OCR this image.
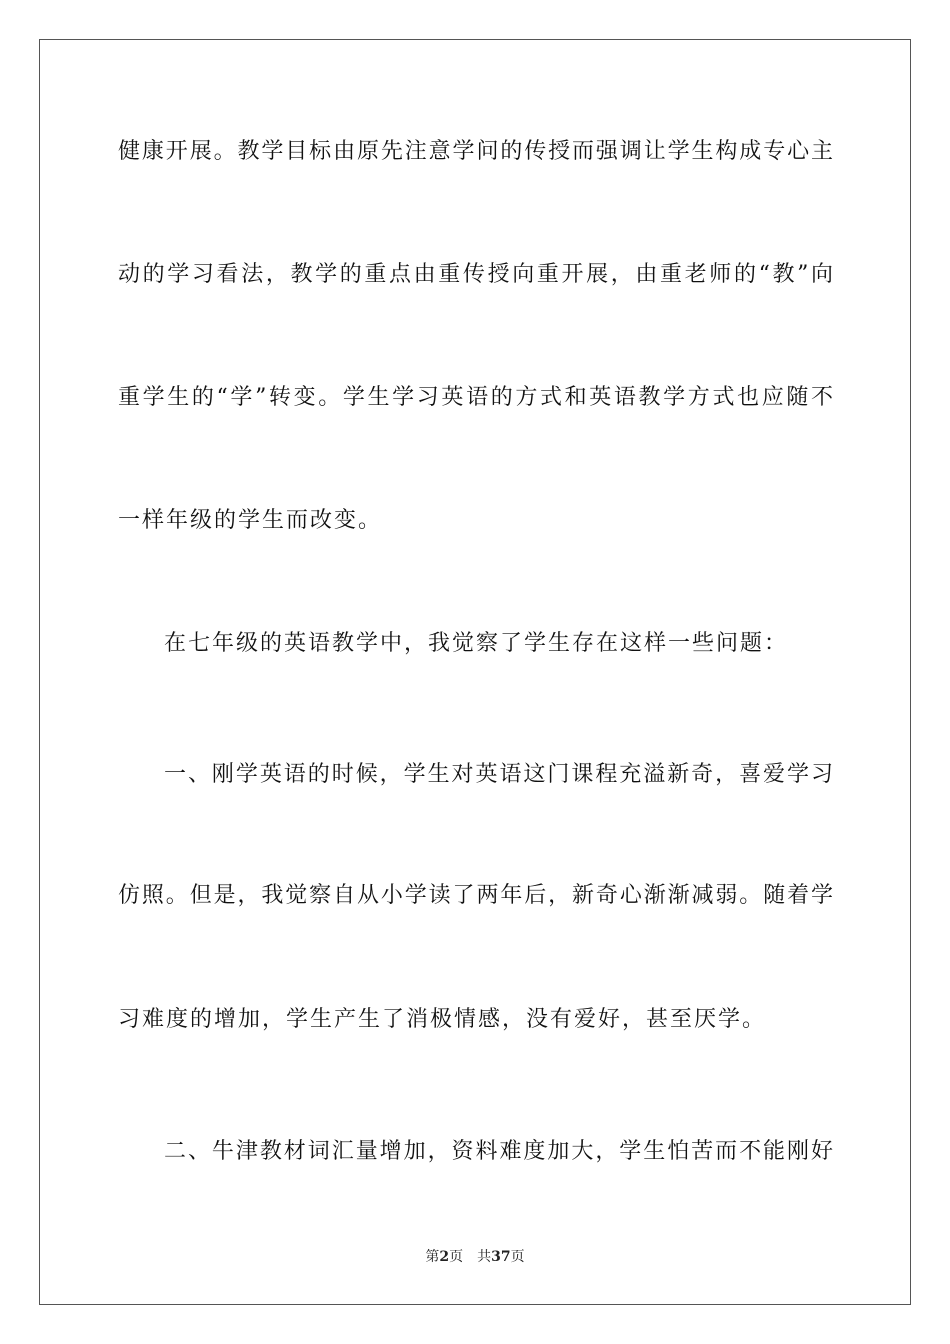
健康开展。教学目标由原先注意学问的传授而强调让学生构成专心主
动的学习看法，教学的重点由重传授向重开展，由重老师的“教”向
重学生的“学”转变。学生学习英语的方式和英语教学方式也应随不
一样年级的学生而改变。
在七年级的英语教学中，我觉察了学生存在这样一些问题：
一、刚学英语的时候，学生对英语这门课程充溢新奇，喜爱学习
仿照。但是，我觉察自从小学读了两年后，新奇心渐渐减弱。随着学
习难度的增加，学生产生了消极情感，没有爱好，甚至厌学。
二、牛津教材词汇量增加，资料难度加大，学生怕苦而不能刚好
第2页 共37页
